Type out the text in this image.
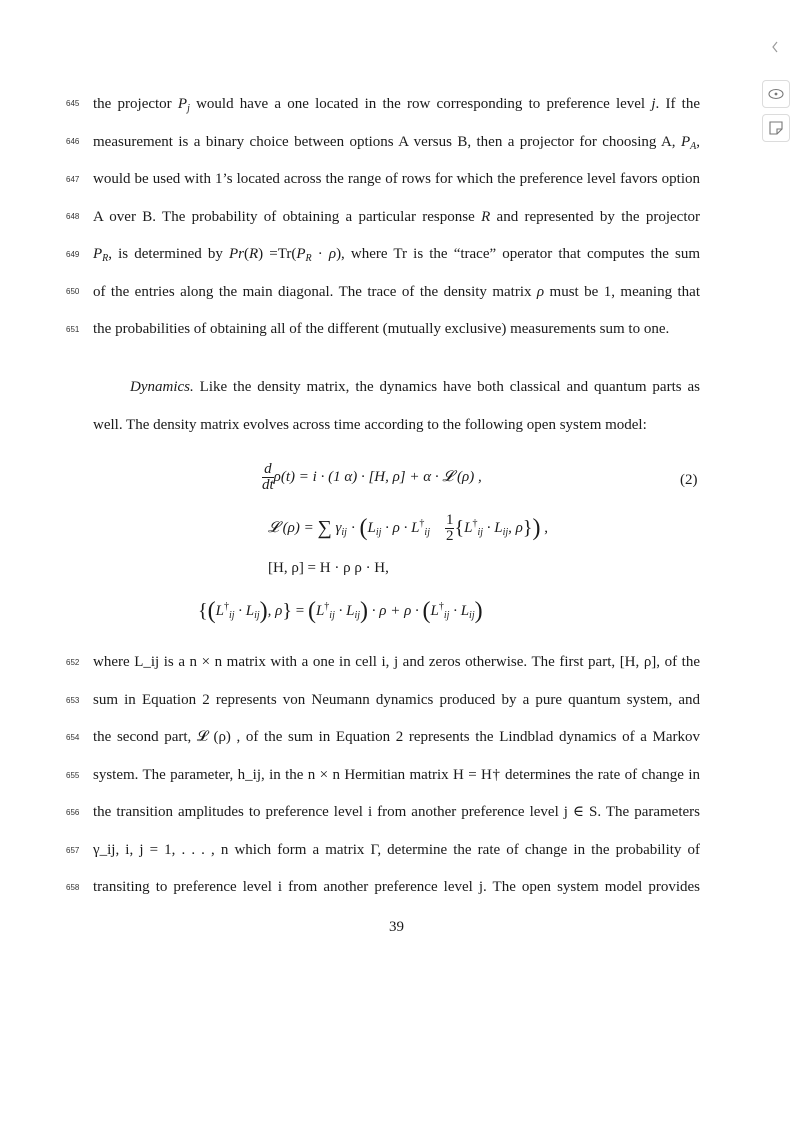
645 the projector $P_j$ would have a one located in the row corresponding to preference level j. If the
646 measurement is a binary choice between options A versus B, then a projector for choosing A, $P_A$,
647 would be used with 1’s located across the range of rows for which the preference level favors option
648 A over B. The probability of obtaining a particular response R and represented by the projector
649 $P_R$, is determined by $Pr(R) =Tr(P_R \cdot \rho)$, where Tr is the “trace” operator that computes the sum
650 of the entries along the main diagonal. The trace of the density matrix ρ must be 1, meaning that
651 the probabilities of obtaining all of the different (mutually exclusive) measurements sum to one.
Dynamics. Like the density matrix, the dynamics have both classical and quantum parts as
well. The density matrix evolves across time according to the following open system model:
$\frac{d}{dt} \rho(t) = i \cdot (1$ α) · [H, ρ] + α · 𝓛 (ρ) ,	(2)
𝓛 (ρ) = ∑ $\gamma_{ij} \cdot (L_{ij} \cdot \rho \cdot L^\dagger_{ij} \frac{1}{2} \{L^\dagger_{ij} \cdot L_{ij}$, ρ}) ,
[H, ρ] = H · ρ ρ · H,
{$(L^\dagger_{ij} \cdot L_{ij})$, $\rho\} = (L^\dagger_{ij} \cdot L_{ij}) \cdot \rho + \rho \cdot (L^\dagger_{ij} \cdot L_{ij})$
652 where L_ij is a n × n matrix with a one in cell i, j and zeros otherwise. The first part, [H, ρ], of the
653 sum in Equation 2 represents von Neumann dynamics produced by a pure quantum system, and
654 the second part, 𝓛 (ρ) , of the sum in Equation 2 represents the Lindblad dynamics of a Markov
655 system. The parameter, h_ij, in the n × n Hermitian matrix H = H† determines the rate of change in
656 the transition amplitudes to preference level i from another preference level j ∈ S. The parameters
657 γ_ij, i, j = 1, . . . , n which form a matrix Γ, determine the rate of change in the probability of
658 transiting to preference level i from another preference level j. The open system model provides
39
